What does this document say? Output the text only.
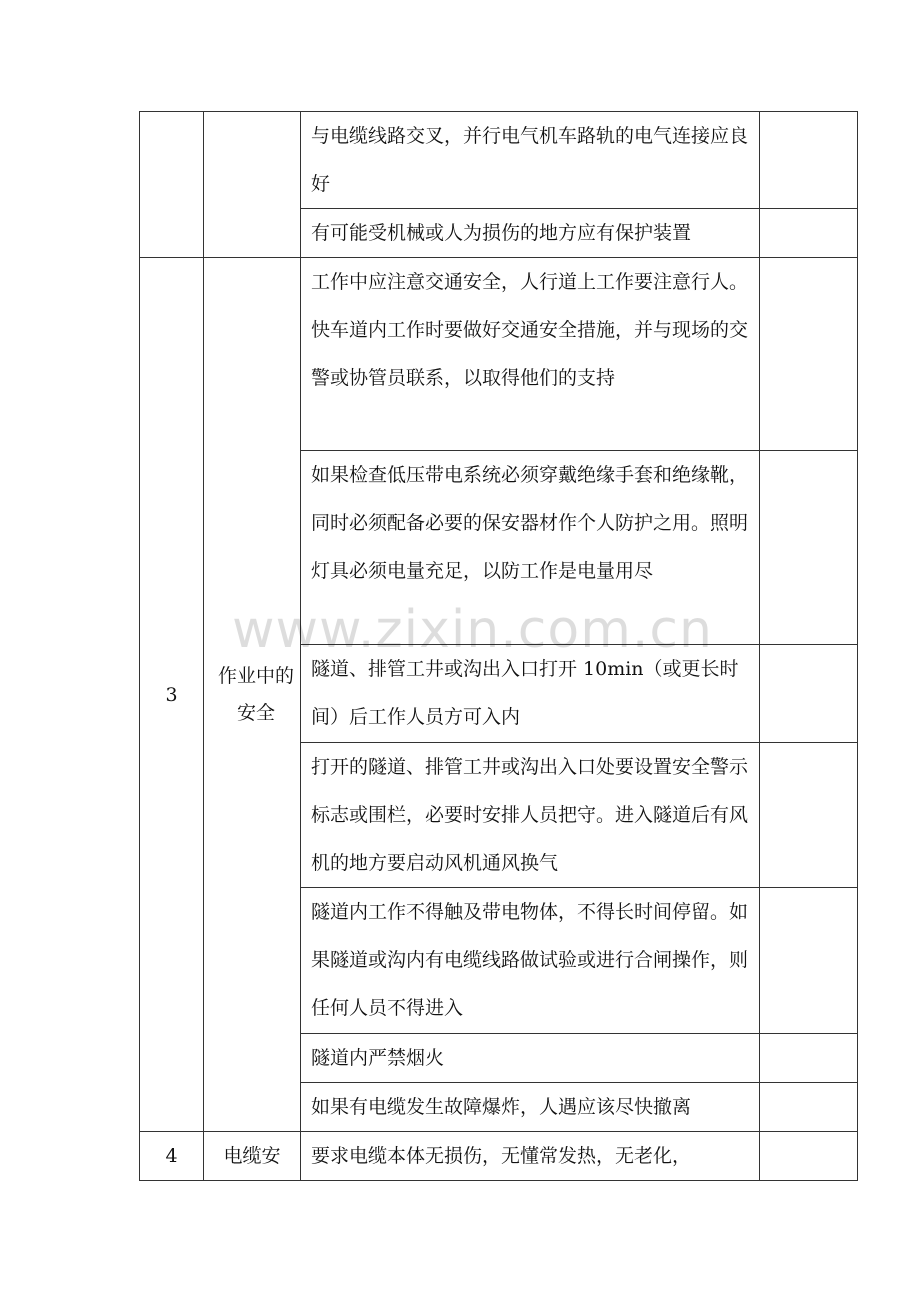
		与电缆线路交叉，并行电气机车路轨的电气连接应良好	
		有可能受机械或人为损伤的地方应有保护装置	
3	作业中的安全	工作中应注意交通安全，人行道上工作要注意行人。快车道内工作时要做好交通安全措施，并与现场的交警或协管员联系，以取得他们的支持	
		如果检查低压带电系统必须穿戴绝缘手套和绝缘靴，同时必须配备必要的保安器材作个人防护之用。照明灯具必须电量充足，以防工作是电量用尽	
		隧道、排管工井或沟出入口打开 10min（或更长时间）后工作人员方可入内	
		打开的隧道、排管工井或沟出入口处要设置安全警示标志或围栏，必要时安排人员把守。进入隧道后有风机的地方要启动风机通风换气	
		隧道内工作不得触及带电物体，不得长时间停留。如果隧道或沟内有电缆线路做试验或进行合闸操作，则任何人员不得进入	
		隧道内严禁烟火	
		如果有电缆发生故障爆炸，人遇应该尽快撤离	
4	电缆安	要求电缆本体无损伤，无懂常发热，无老化，	
www.zixin.com.cn
